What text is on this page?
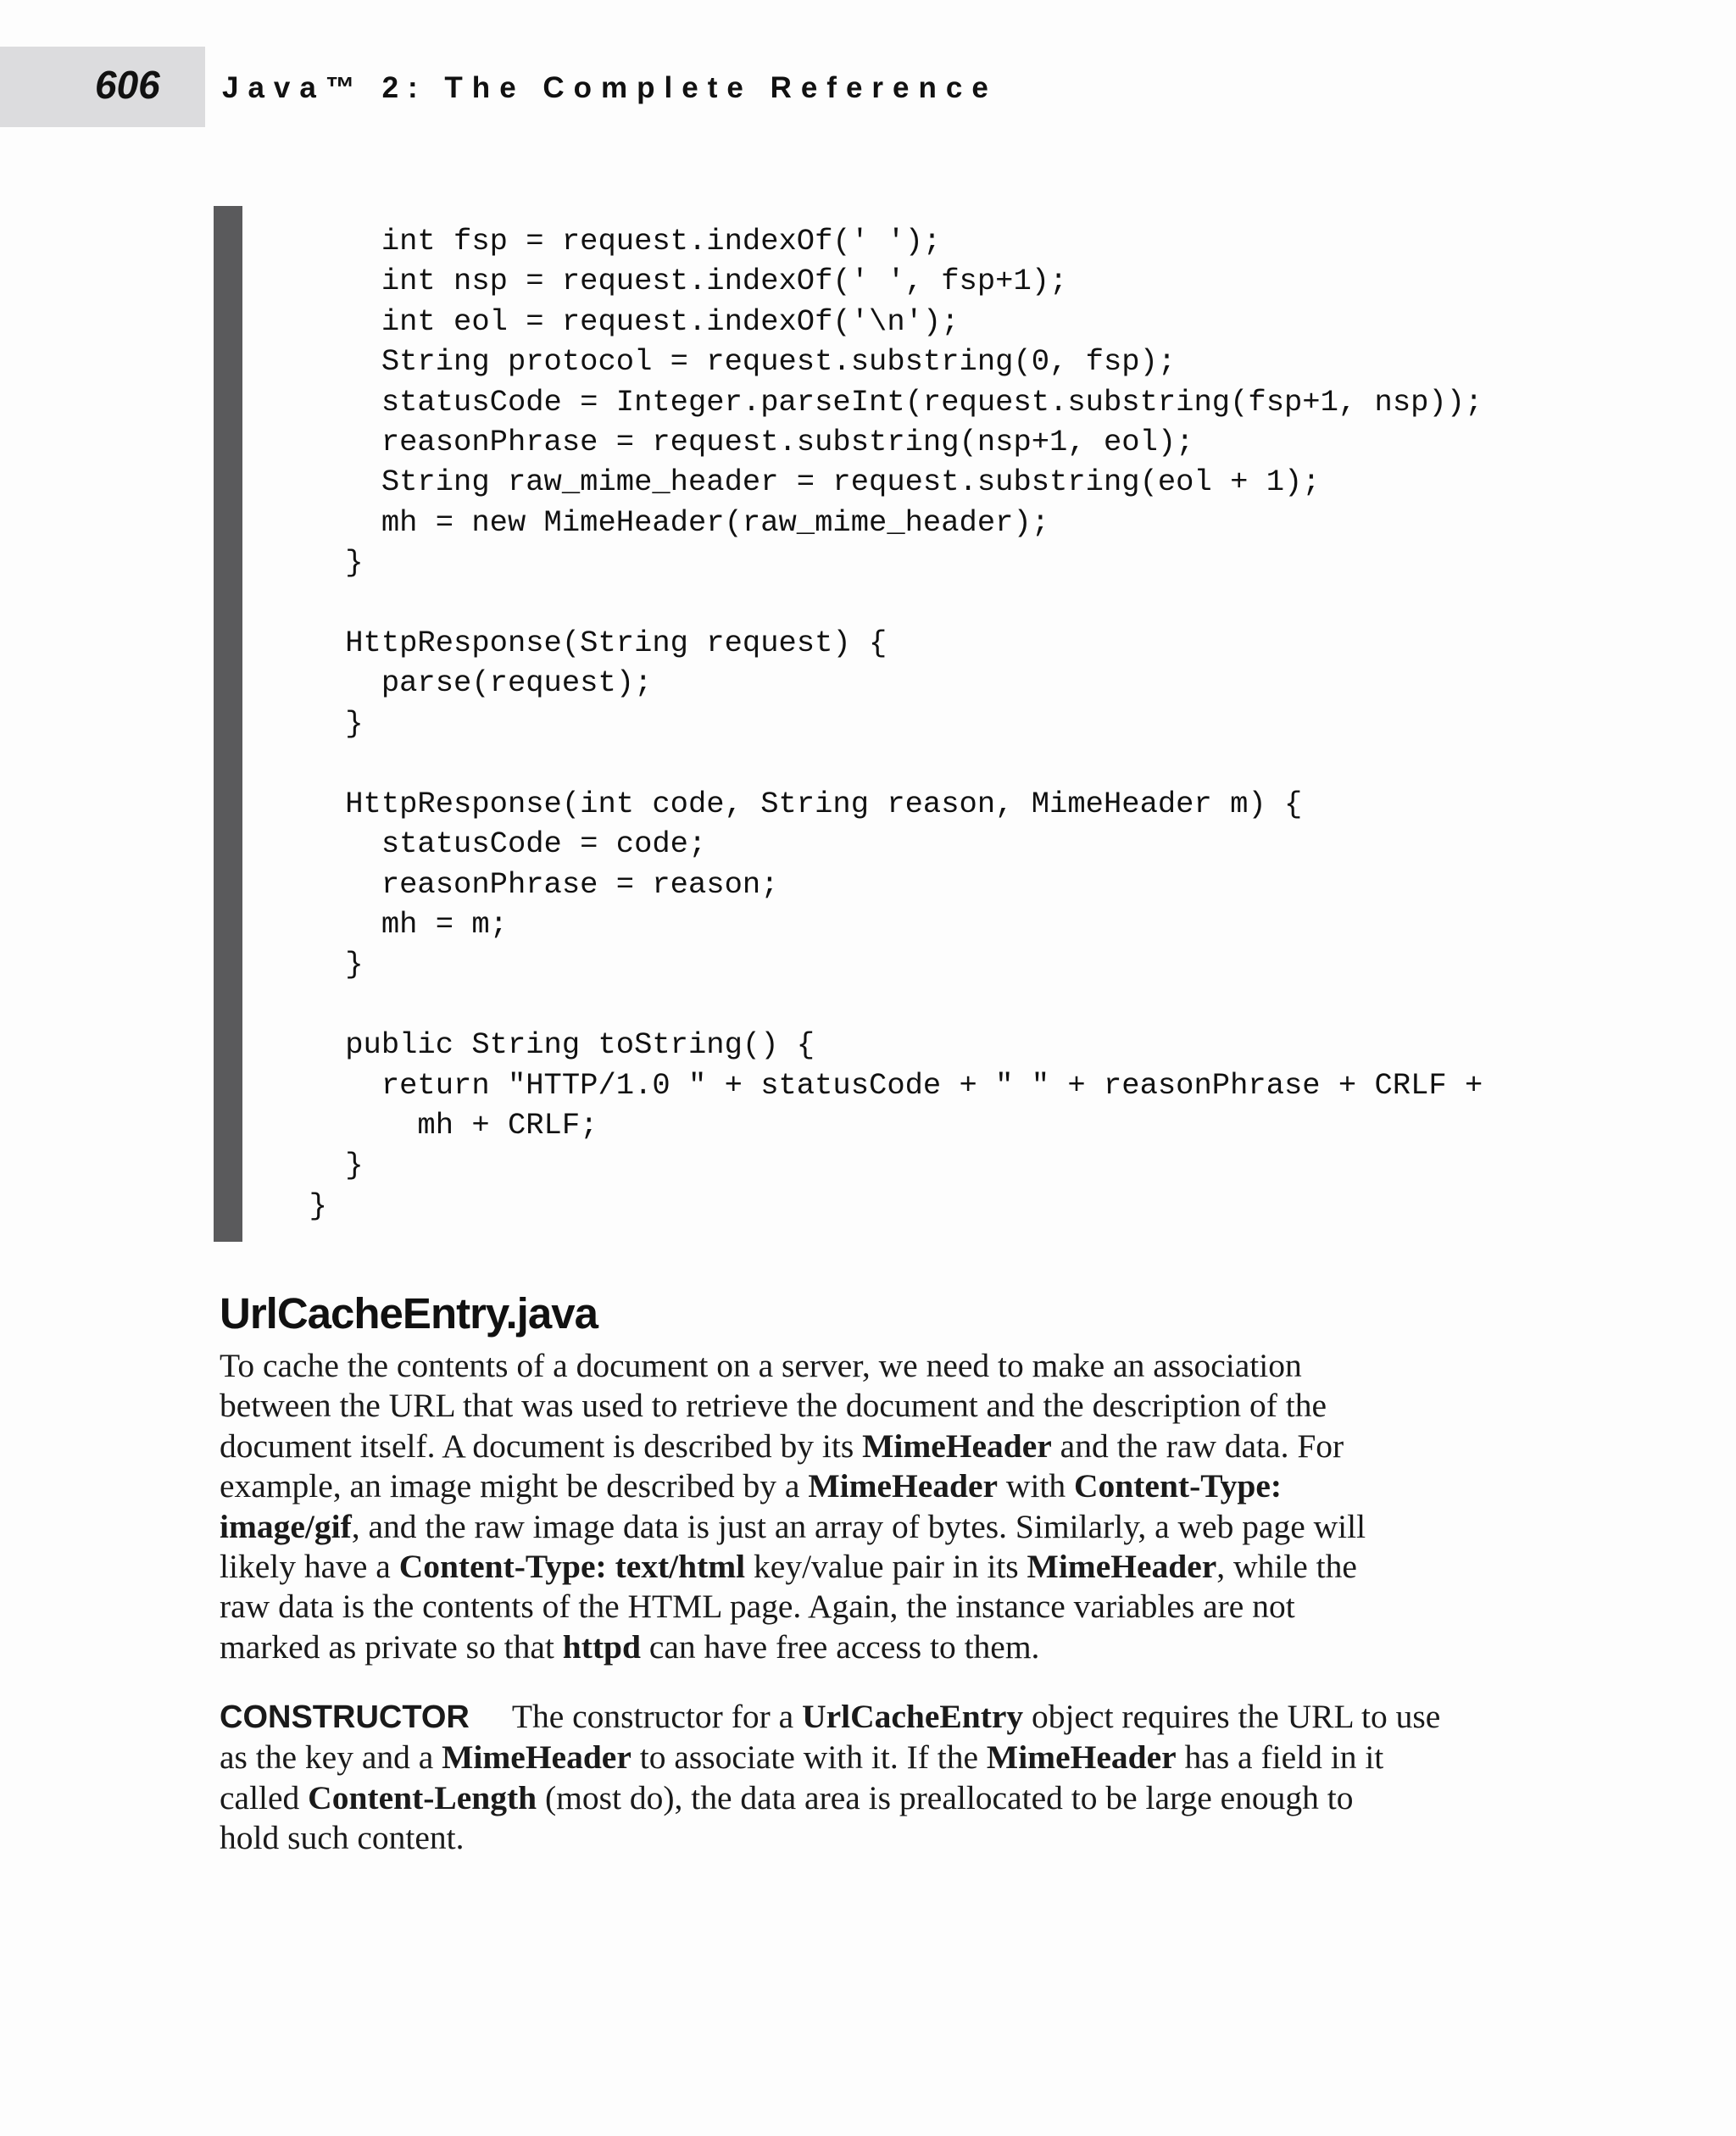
606 Java™ 2: The Complete Reference
int fsp = request.indexOf(' ');
int nsp = request.indexOf(' ', fsp+1);
int eol = request.indexOf('\n');
String protocol = request.substring(0, fsp);
statusCode = Integer.parseInt(request.substring(fsp+1, nsp));
reasonPhrase = request.substring(nsp+1, eol);
String raw_mime_header = request.substring(eol + 1);
mh = new MimeHeader(raw_mime_header);
}

HttpResponse(String request) {
parse(request);
}

HttpResponse(int code, String reason, MimeHeader m) {
statusCode = code;
reasonPhrase = reason;
mh = m;
}

public String toString() {
return "HTTP/1.0 " + statusCode + " " + reasonPhrase + CRLF +
mh + CRLF;
}
}
UrlCacheEntry.java
To cache the contents of a document on a server, we need to make an association
between the URL that was used to retrieve the document and the description of the
document itself. A document is described by its MimeHeader and the raw data. For
example, an image might be described by a MimeHeader with Content-Type:
image/gif, and the raw image data is just an array of bytes. Similarly, a web page will
likely have a Content-Type: text/html key/value pair in its MimeHeader, while the
raw data is the contents of the HTML page. Again, the instance variables are not
marked as private so that httpd can have free access to them.
CONSTRUCTOR The constructor for a UrlCacheEntry object requires the URL to use
as the key and a MimeHeader to associate with it. If the MimeHeader has a field in it
called Content-Length (most do), the data area is preallocated to be large enough to
hold such content.
